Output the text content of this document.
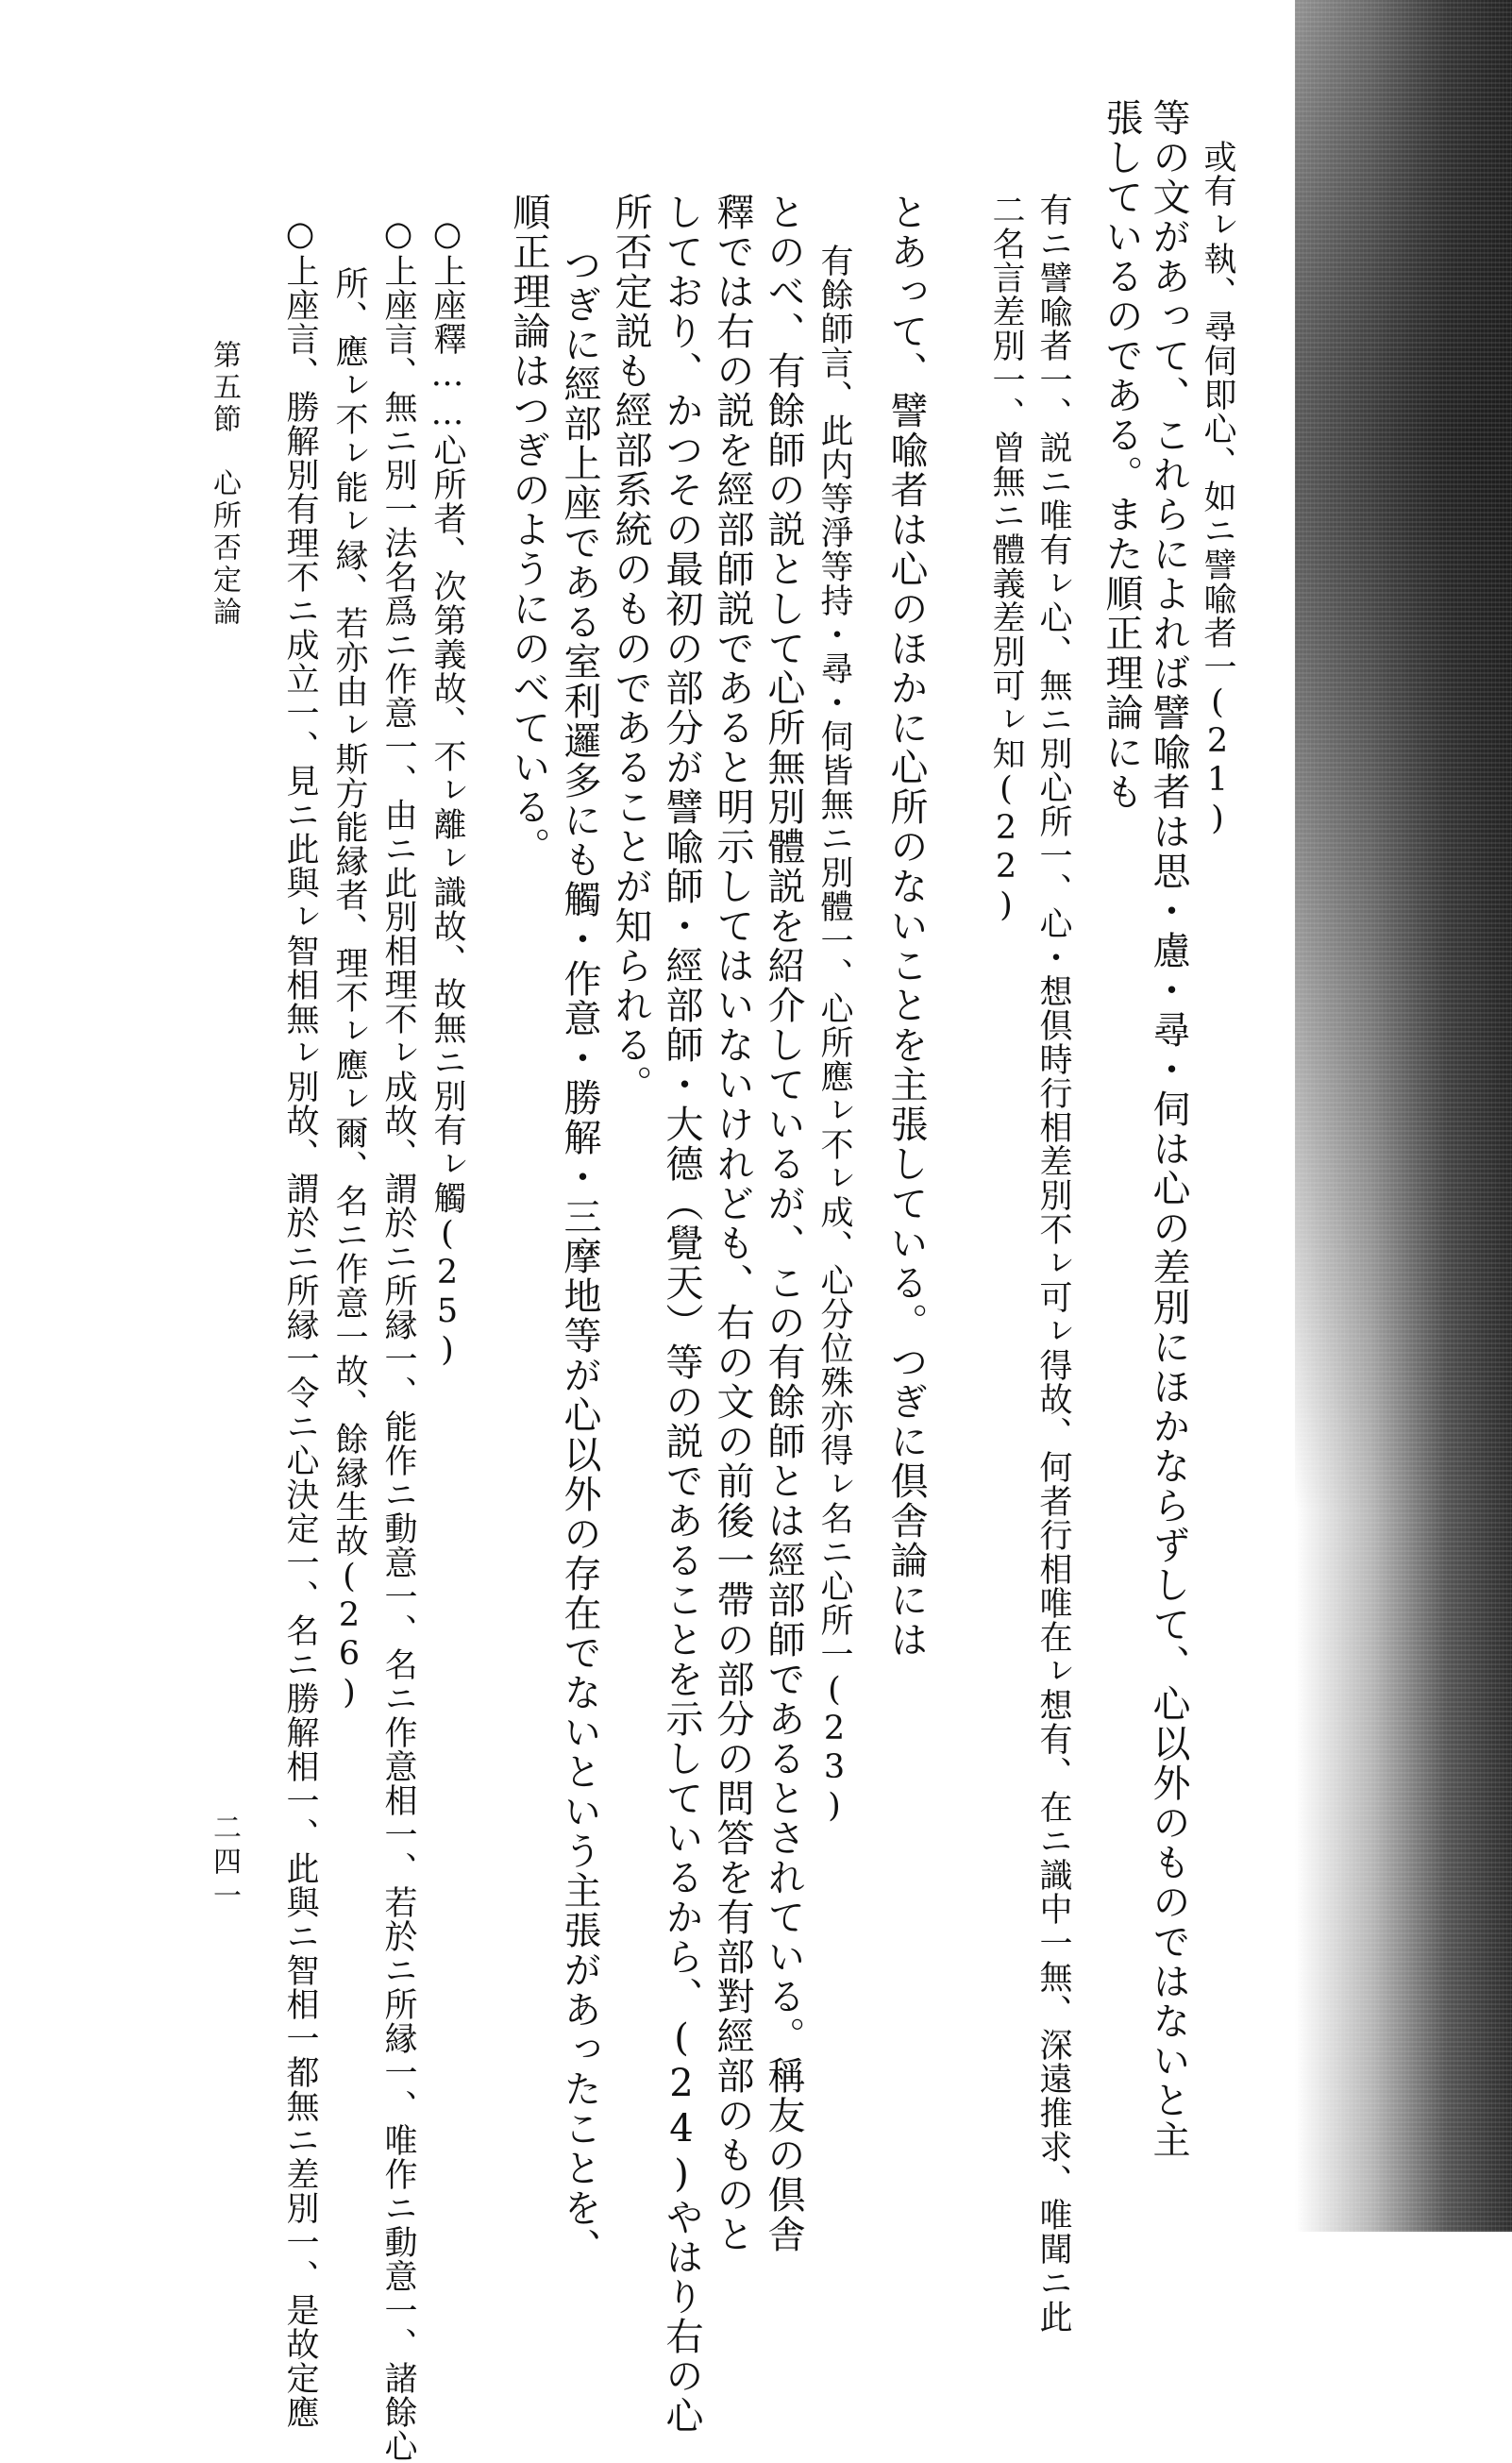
或有ㇾ執、尋伺即心、如ニ譬喩者一(21)
等の文があって、これらによれば譬喩者は思・慮・尋・伺は心の差別にほかならずして、心以外のものではないと主
張しているのである。また順正理論にも
有ニ譬喩者一、説ニ唯有ㇾ心、無ニ別心所一、心・想倶時行相差別不ㇾ可ㇾ得故、何者行相唯在ㇾ想有、在ニ識中一無、深遠推求、唯聞ニ此
二名言差別一、曾無ニ體義差別可ㇾ知(22)
とあって、譬喩者は心のほかに心所のないことを主張している。つぎに倶舎論には
有餘師言、此内等淨等持・尋・伺皆無ニ別體一、心所應ㇾ不ㇾ成、心分位殊亦得ㇾ名ニ心所一(23)
とのべ、有餘師の説として心所無別體説を紹介しているが、この有餘師とは經部師であるとされている。稱友の倶舎
釋では右の説を經部師説であると明示してはいないけれども、右の文の前後一帶の部分の問答を有部對經部のものと
しており、かつその最初の部分が譬喩師・經部師・大德（覺天）等の説であることを示しているから、(24)やはり右の心
所否定説も經部系統のものであることが知られる。
つぎに經部上座である室利邏多にも觸・作意・勝解・三摩地等が心以外の存在でないという主張があったことを、
順正理論はつぎのようにのべている。
○上座釋……心所者、次第義故、不ㇾ離ㇾ識故、故無ニ別有ㇾ觸(25)
○上座言、無ニ別一法名爲ニ作意一、由ニ此別相理不ㇾ成故、謂於ニ所縁一、能作ニ動意一、名ニ作意相一、若於ニ所縁一、唯作ニ動意一、諸餘心
所、應ㇾ不ㇾ能ㇾ縁、若亦由ㇾ斯方能縁者、理不ㇾ應ㇾ爾、名ニ作意一故、餘縁生故(26)
○上座言、勝解別有理不ニ成立一、見ニ此與ㇾ智相無ㇾ別故、謂於ニ所縁一令ニ心決定一、名ニ勝解相一、此與ニ智相一都無ニ差別一、是故定應
第五節　心所否定論
二四一
